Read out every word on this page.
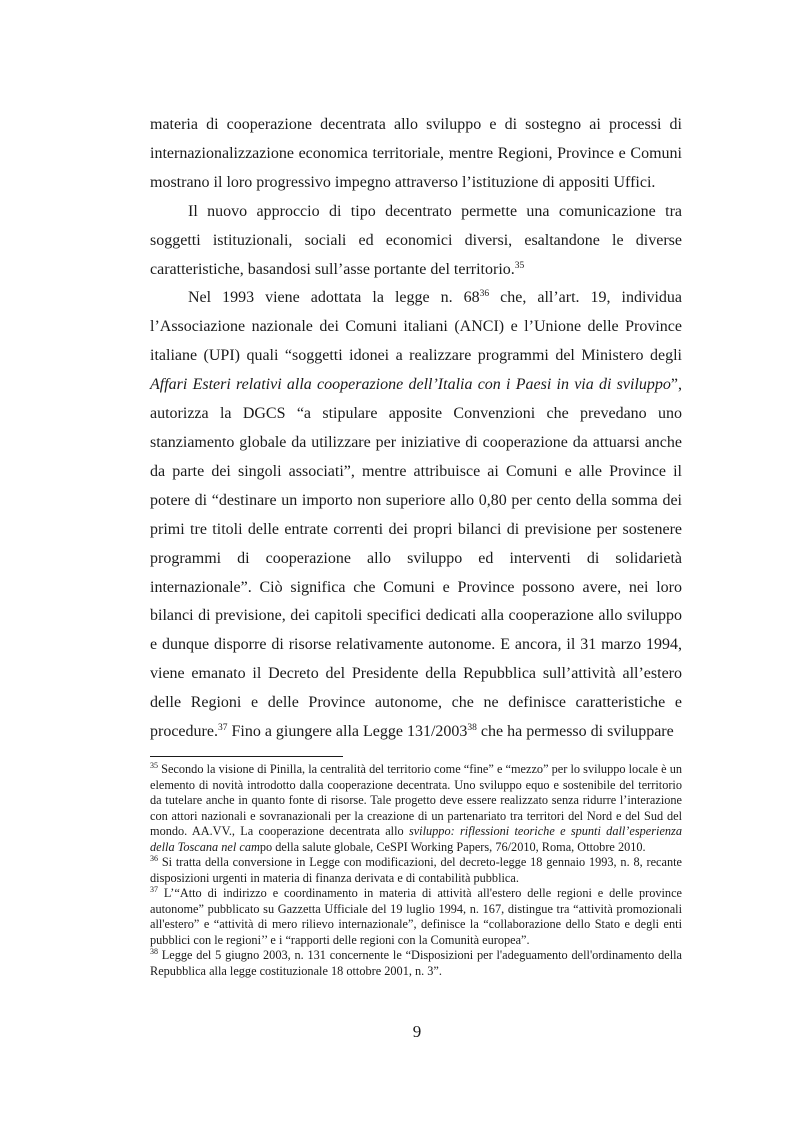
materia di cooperazione decentrata allo sviluppo e di sostegno ai processi di internazionalizzazione economica territoriale, mentre Regioni, Province e Comuni mostrano il loro progressivo impegno attraverso l’istituzione di appositi Uffici.

Il nuovo approccio di tipo decentrato permette una comunicazione tra soggetti istituzionali, sociali ed economici diversi, esaltandone le diverse caratteristiche, basandosi sull’asse portante del territorio.$^{35}$

Nel 1993 viene adottata la legge n. $68^{36}$ che, all’art. 19, individua l’Associazione nazionale dei Comuni italiani (ANCI) e l’Unione delle Province italiane (UPI) quali “soggetti idonei a realizzare programmi del Ministero degli Affari Esteri relativi alla cooperazione dell’Italia con i Paesi in via di sviluppo”, autorizza la DGCS “a stipulare apposite Convenzioni che prevedano uno stanziamento globale da utilizzare per iniziative di cooperazione da attuarsi anche da parte dei singoli associati”, mentre attribuisce ai Comuni e alle Province il potere di “destinare un importo non superiore allo 0,80 per cento della somma dei primi tre titoli delle entrate correnti dei propri bilanci di previsione per sostenere programmi di cooperazione allo sviluppo ed interventi di solidarietà internazionale”. Ciò significa che Comuni e Province possono avere, nei loro bilanci di previsione, dei capitoli specifici dedicati alla cooperazione allo sviluppo e dunque disporre di risorse relativamente autonome. E ancora, il 31 marzo 1994, viene emanato il Decreto del Presidente della Repubblica sull’attività all’estero delle Regioni e delle Province autonome, che ne definisce caratteristiche e procedure.$^{37}$ Fino a giungere alla Legge 131/2003$^{38}$ che ha permesso di sviluppare

$^{35}$ Secondo la visione di Pinilla, la centralità del territorio come “fine” e “mezzo” per lo sviluppo locale è un elemento di novità introdotto dalla cooperazione decentrata. Uno sviluppo equo e sostenibile del territorio da tutelare anche in quanto fonte di risorse. Tale progetto deve essere realizzato senza ridurre l’interazione con attori nazionali e sovranazionali per la creazione di un partenariato tra territori del Nord e del Sud del mondo. AA.VV., La cooperazione decentrata allo sviluppo: riflessioni teoriche e spunti dall’esperienza della Toscana nel campo della salute globale, CeSPI Working Papers, 76/2010, Roma, Ottobre 2010.

$^{36}$ Si tratta della conversione in Legge con modificazioni, del decreto-legge 18 gennaio 1993, n. 8, recante disposizioni urgenti in materia di finanza derivata e di contabilità pubblica.

$^{37}$ L’“Atto di indirizzo e coordinamento in materia di attività all'estero delle regioni e delle province autonome” pubblicato su Gazzetta Ufficiale del 19 luglio 1994, n. 167, distingue tra “attività promozionali all'estero” e “attività di mero rilievo internazionale”, definisce la “collaborazione dello Stato e degli enti pubblici con le regioni’’ e i “rapporti delle regioni con la Comunità europea”.

$^{38}$ Legge del 5 giugno 2003, n. 131 concernente le “Disposizioni per l'adeguamento dell'ordinamento della Repubblica alla legge costituzionale 18 ottobre 2001, n. 3”.

9
